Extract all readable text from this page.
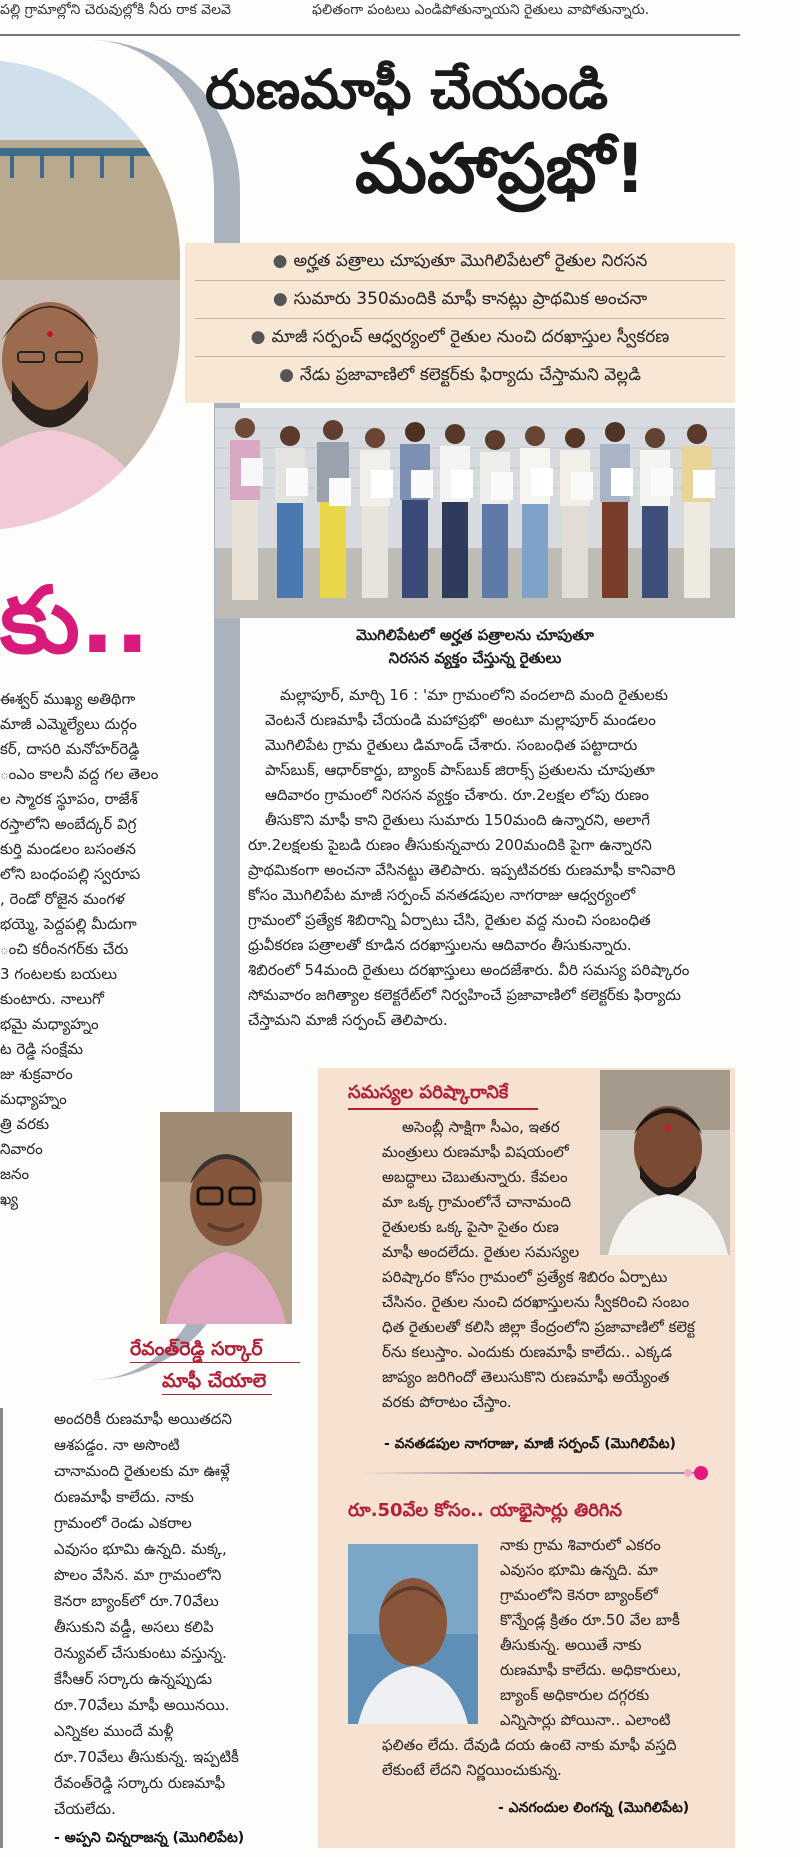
పల్లి గ్రామాల్లోని చెరువుల్లోకి నీరు రాక వెలవె	ఫలితంగా పంటలు ఎండిపోతున్నాయని రైతులు వాపోతున్నారు.
కు..
ఈశ్వర్ ముఖ్య అతిథిగా
మాజీ ఎమ్మెల్యేలు దుర్గం
కర్, దాసరి మనోహర్‌రెడ్డి
ంఎం కాలనీ వద్ద గల తెలం
ల స్మారక స్థూపం, రాజేశ్
రస్తాలోని అంబేద్కర్ విగ్ర
కుర్తి మండలం బసంతన
లోని బంధంపల్లి స్వరూప
, రెండో రోజైన మంగళ
భయ్మె, పెద్దపల్లి మీదుగా
ంచి కరీంనగర్‌కు చేరు
3 గంటలకు బయలు
కుంటారు. నాలుగో
భమై మధ్యాహ్నం
ట రెడ్డి సంక్షేమ
జు శుక్రవారం
మధ్యాహ్నం
త్రి వరకు
నివారం
జనం
ఖ్య
రుణమాఫీ చేయండి
మహాప్రభో!
● అర్హత పత్రాలు చూపుతూ మొగిలిపేటలో రైతుల నిరసన
● సుమారు 350మందికి మాఫీ కానట్లు ప్రాథమిక అంచనా
● మాజీ సర్పంచ్ ఆధ్వర్యంలో రైతుల నుంచి దరఖాస్తుల స్వీకరణ
● నేడు ప్రజావాణిలో కలెక్టర్‌కు ఫిర్యాదు చేస్తామని వెల్లడి
మొగిలిపేటలో అర్హత పత్రాలను చూపుతూ
నిరసన వ్యక్తం చేస్తున్న రైతులు
మల్లాపూర్, మార్చి 16 : 'మా గ్రామంలోని వందలాది మంది రైతులకు
వెంటనే రుణమాఫీ చేయండి మహాప్రభో' అంటూ మల్లాపూర్ మండలం
మొగిలిపేట గ్రామ రైతులు డిమాండ్ చేశారు. సంబంధిత పట్టాదారు
పాస్‌బుక్, ఆధార్‌కార్డు, బ్యాంక్ పాస్‌బుక్ జిరాక్స్ ప్రతులను చూపుతూ
ఆదివారం గ్రామంలో నిరసన వ్యక్తం చేశారు. రూ.2లక్షల లోపు రుణం
తీసుకొని మాఫీ కాని రైతులు సుమారు 150మంది ఉన్నారని, అలాగే
రూ.2లక్షలకు పైబడి రుణం తీసుకున్నవారు 200మందికి పైగా ఉన్నారని
ప్రాథమికంగా అంచనా వేసినట్టు తెలిపారు. ఇప్పటివరకు రుణమాఫీ కానివారి
కోసం మొగిలిపేట మాజీ సర్పంచ్ వనతడపుల నాగరాజు ఆధ్వర్యంలో
గ్రామంలో ప్రత్యేక శిబిరాన్ని ఏర్పాటు చేసి, రైతుల వద్ద నుంచి సంబంధిత
ధ్రువీకరణ పత్రాలతో కూడిన దరఖాస్తులను ఆదివారం తీసుకున్నారు.
శిబిరంలో 54మంది రైతులు దరఖాస్తులు అందజేశారు. వీరి సమస్య పరిష్కారం
సోమవారం జగిత్యాల కలెక్టరేట్‌లో నిర్వహించే ప్రజావాణిలో కలెక్టర్‌కు ఫిర్యాదు
చేస్తామని మాజీ సర్పంచ్ తెలిపారు.
సమస్యల పరిష్కారానికే
అసెంబ్లీ సాక్షిగా సీఎం, ఇతర
మంత్రులు రుణమాఫీ విషయంలో
అబద్ధాలు చెబుతున్నారు. కేవలం
మా ఒక్క గ్రామంలోనే చానామంది
రైతులకు ఒక్క పైసా సైతం రుణ
మాఫీ అందలేదు. రైతుల సమస్యల
పరిష్కారం కోసం గ్రామంలో ప్రత్యేక శిబిరం ఏర్పాటు
చేసినం. రైతుల నుంచి దరఖాస్తులను స్వీకరించి సంబం
ధిత రైతులతో కలిసి జిల్లా కేంద్రంలోని ప్రజావాణిలో కలెక్ట
ర్‌ను కలుస్తాం. ఎందుకు రుణమాఫీ కాలేదు.. ఎక్కడ
జాప్యం జరిగిందో తెలుసుకొని రుణమాఫీ అయ్యేంత
వరకు పోరాటం చేస్తాం.
- వనతడపుల నాగరాజు, మాజీ సర్పంచ్ (మొగిలిపేట)
రూ.50వేల కోసం.. యాభైసార్లు తిరిగిన
నాకు గ్రామ శివారులో ఎకరం
ఎవుసం భూమి ఉన్నది. మా
గ్రామంలోని కెనరా బ్యాంక్‌లో
కొన్నేండ్ల క్రితం రూ.50 వేల బాకీ
తీసుకున్న. అయితే నాకు
రుణమాఫీ కాలేదు. అధికారులు,
బ్యాంక్ అధికారుల దగ్గరకు
ఎన్నిసార్లు పోయినా.. ఎలాంటి
ఫలితం లేదు. దేవుడి దయ ఉంటె నాకు మాఫీ వస్తది
లేకుంటే లేదని నిర్ణయించుకున్న.
- ఎనగందుల లింగన్న (మొగిలిపేట)
రేవంత్‌రెడ్డి సర్కార్
మాఫీ చేయాలె
అందరికీ రుణమాఫీ అయితదని
ఆశపడ్డం. నా అసొంటి
చానామంది రైతులకు మా ఊళ్లే
రుణమాఫీ కాలేదు. నాకు
గ్రామంలో రెండు ఎకరాల
ఎవుసం భూమి ఉన్నది. మక్క,
పొలం వేసిన. మా గ్రామంలోని
కెనరా బ్యాంక్‌లో రూ.70వేలు
తీసుకుని వడ్డీ, అసలు కలిపి
రెన్యువల్ చేసుకుంటు వస్తున్న.
కేసీఆర్ సర్కారు ఉన్నప్పుడు
రూ.70వేలు మాఫీ అయినయి.
ఎన్నికల ముందే మళ్లీ
రూ.70వేలు తీసుకున్న. ఇప్పటికీ
రేవంత్‌రెడ్డి సర్కారు రుణమాఫీ
చేయలేదు.
- అప్పని చిన్నరాజన్న (మొగిలిపేట)
